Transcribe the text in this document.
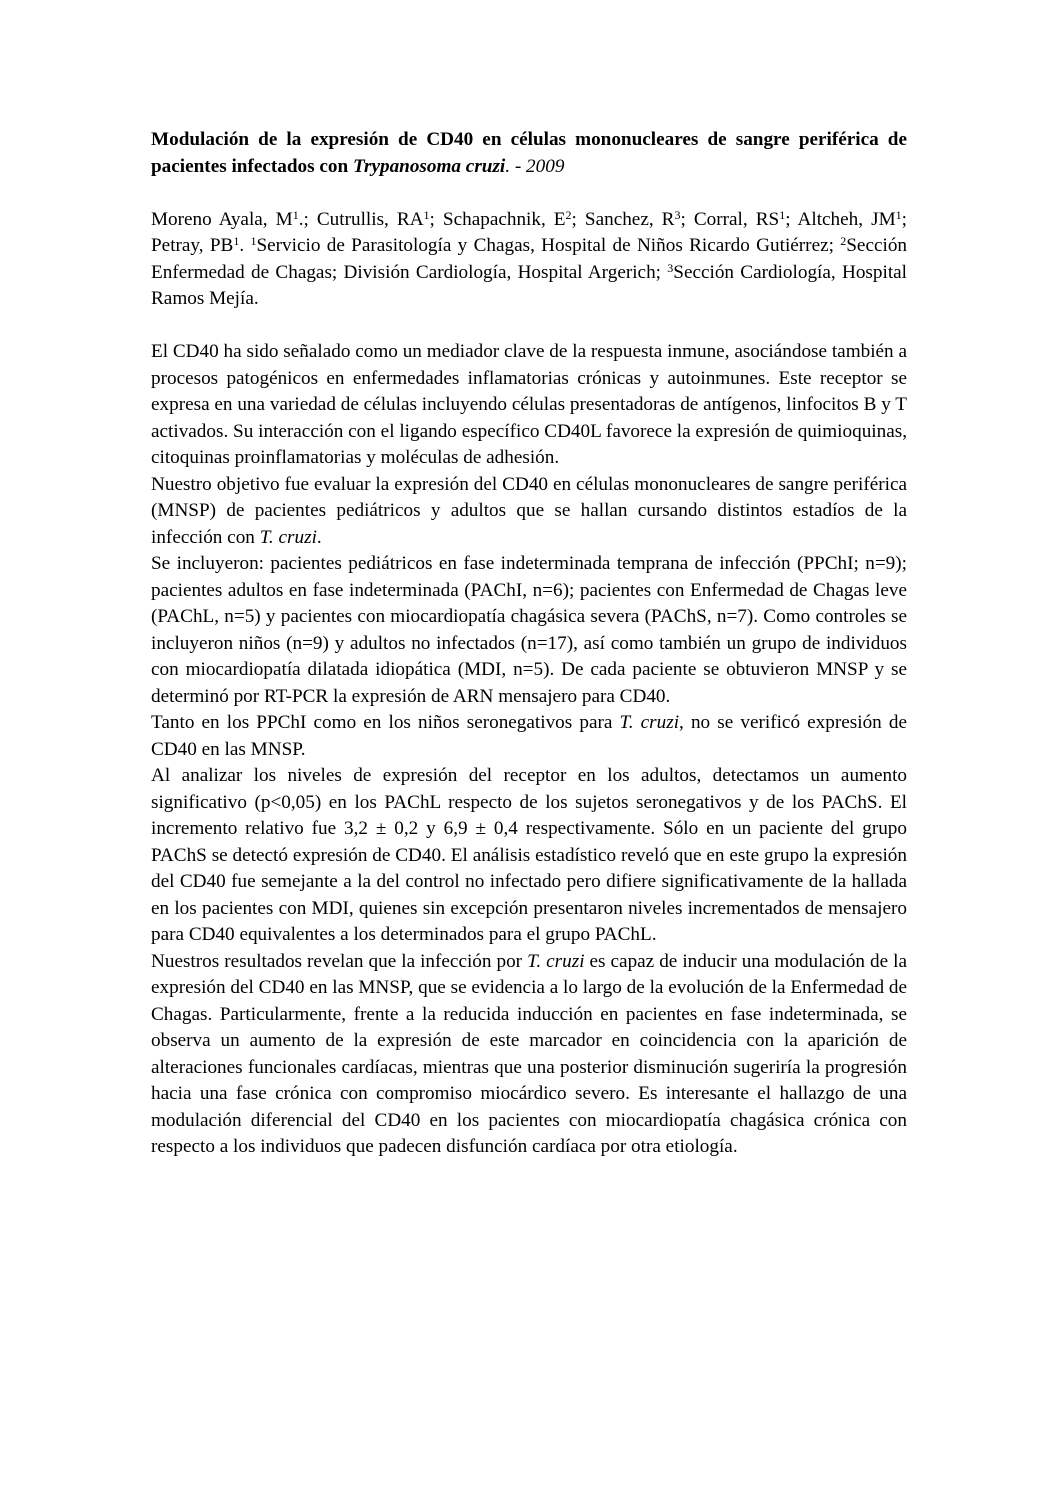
Modulación de la expresión de CD40 en células mononucleares de sangre periférica de pacientes infectados con Trypanosoma cruzi. - 2009

Moreno Ayala, $M^1$.; Cutrullis, $RA^1$; Schapachnik, $E^2$; Sanchez, $R^3$; Corral, $RS^1$; Altcheh, $JM^1$; Petray, $PB^1$. $^1$Servicio de Parasitología y Chagas, Hospital de Niños Ricardo Gutiérrez; $^2$Sección Enfermedad de Chagas; División Cardiología, Hospital Argerich; $^3$Sección Cardiología, Hospital Ramos Mejía.

El CD40 ha sido señalado como un mediador clave de la respuesta inmune, asociándose también a procesos patogénicos en enfermedades inflamatorias crónicas y autoinmunes. Este receptor se expresa en una variedad de células incluyendo células presentadoras de antígenos, linfocitos B y T activados. Su interacción con el ligando específico CD40L favorece la expresión de quimioquinas, citoquinas proinflamatorias y moléculas de adhesión.

Nuestro objetivo fue evaluar la expresión del CD40 en células mononucleares de sangre periférica (MNSP) de pacientes pediátricos y adultos que se hallan cursando distintos estadíos de la infección con T. cruzi.

Se incluyeron: pacientes pediátricos en fase indeterminada temprana de infección (PPChI; n=9); pacientes adultos en fase indeterminada (PAChI, n=6); pacientes con Enfermedad de Chagas leve (PAChL, n=5) y pacientes con miocardiopatía chagásica severa (PAChS, n=7). Como controles se incluyeron niños (n=9) y adultos no infectados (n=17), así como también un grupo de individuos con miocardiopatía dilatada idiopática (MDI, n=5). De cada paciente se obtuvieron MNSP y se determinó por RT-PCR la expresión de ARN mensajero para CD40.

Tanto en los PPChI como en los niños seronegativos para T. cruzi, no se verificó expresión de CD40 en las MNSP.

Al analizar los niveles de expresión del receptor en los adultos, detectamos un aumento significativo (p<0,05) en los PAChL respecto de los sujetos seronegativos y de los PAChS. El incremento relativo fue 3,2 ± 0,2 y 6,9 ± 0,4 respectivamente. Sólo en un paciente del grupo PAChS se detectó expresión de CD40. El análisis estadístico reveló que en este grupo la expresión del CD40 fue semejante a la del control no infectado pero difiere significativamente de la hallada en los pacientes con MDI, quienes sin excepción presentaron niveles incrementados de mensajero para CD40 equivalentes a los determinados para el grupo PAChL.

Nuestros resultados revelan que la infección por T. cruzi es capaz de inducir una modulación de la expresión del CD40 en las MNSP, que se evidencia a lo largo de la evolución de la Enfermedad de Chagas. Particularmente, frente a la reducida inducción en pacientes en fase indeterminada, se observa un aumento de la expresión de este marcador en coincidencia con la aparición de alteraciones funcionales cardíacas, mientras que una posterior disminución sugeriría la progresión hacia una fase crónica con compromiso miocárdico severo. Es interesante el hallazgo de una modulación diferencial del CD40 en los pacientes con miocardiopatía chagásica crónica con respecto a los individuos que padecen disfunción cardíaca por otra etiología.
